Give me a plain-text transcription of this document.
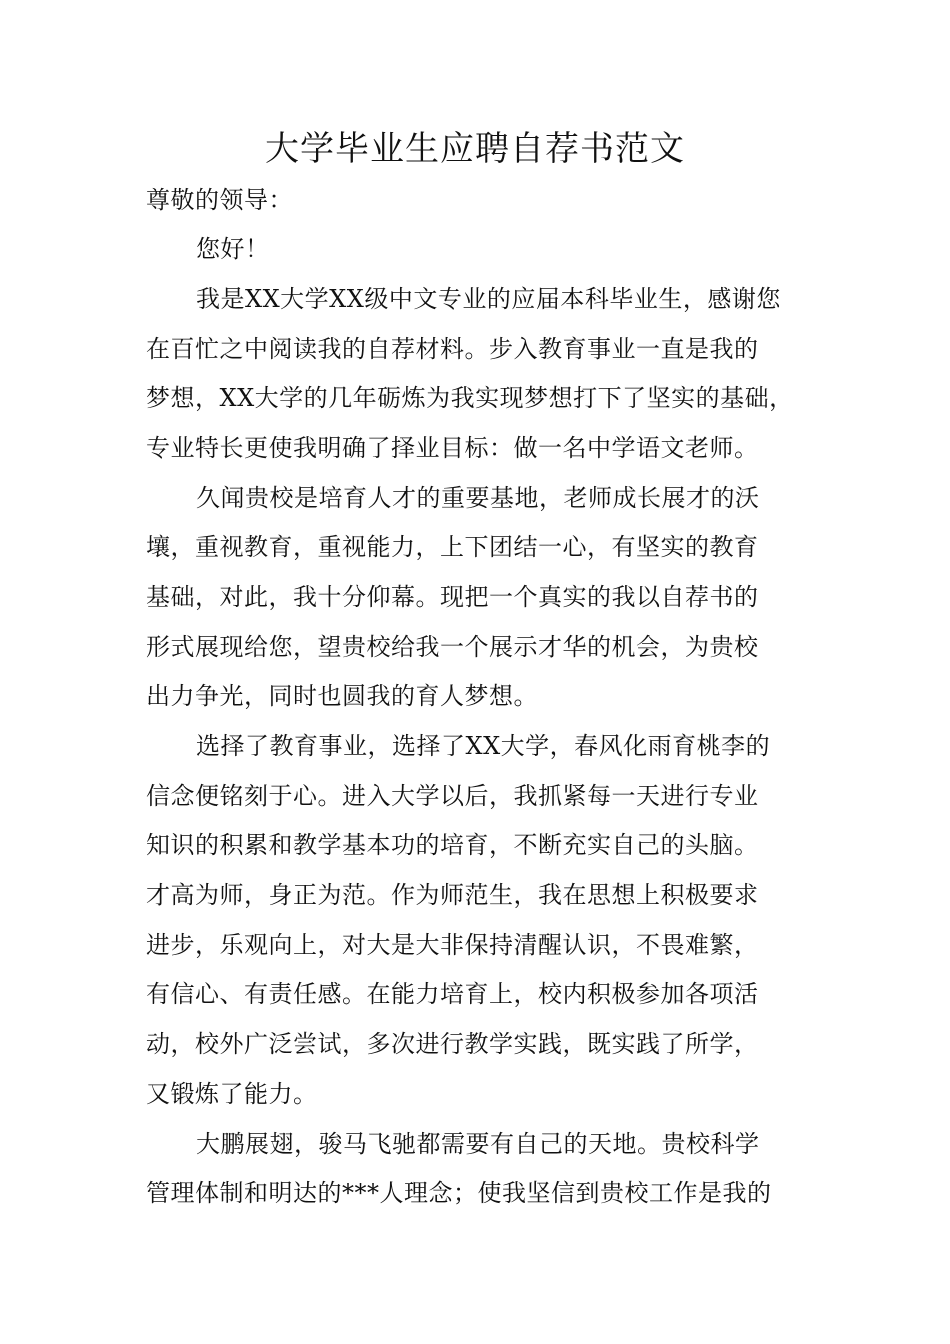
大学毕业生应聘自荐书范文
尊敬的领导：
您好！
我是XX大学XX级中文专业的应届本科毕业生，感谢您
在百忙之中阅读我的自荐材料。步入教育事业一直是我的
梦想，XX大学的几年砺炼为我实现梦想打下了坚实的基础，
专业特长更使我明确了择业目标：做一名中学语文老师。
久闻贵校是培育人才的重要基地，老师成长展才的沃
壤，重视教育，重视能力，上下团结一心，有坚实的教育
基础，对此，我十分仰幕。现把一个真实的我以自荐书的
形式展现给您，望贵校给我一个展示才华的机会，为贵校
出力争光，同时也圆我的育人梦想。
选择了教育事业，选择了XX大学，春风化雨育桃李的
信念便铭刻于心。进入大学以后，我抓紧每一天进行专业
知识的积累和教学基本功的培育，不断充实自己的头脑。
才高为师，身正为范。作为师范生，我在思想上积极要求
进步，乐观向上，对大是大非保持清醒认识，不畏难繁，
有信心、有责任感。在能力培育上，校内积极参加各项活
动，校外广泛尝试，多次进行教学实践，既实践了所学，
又锻炼了能力。
大鹏展翅，骏马飞驰都需要有自己的天地。贵校科学
管理体制和明达的***人理念；使我坚信到贵校工作是我的
